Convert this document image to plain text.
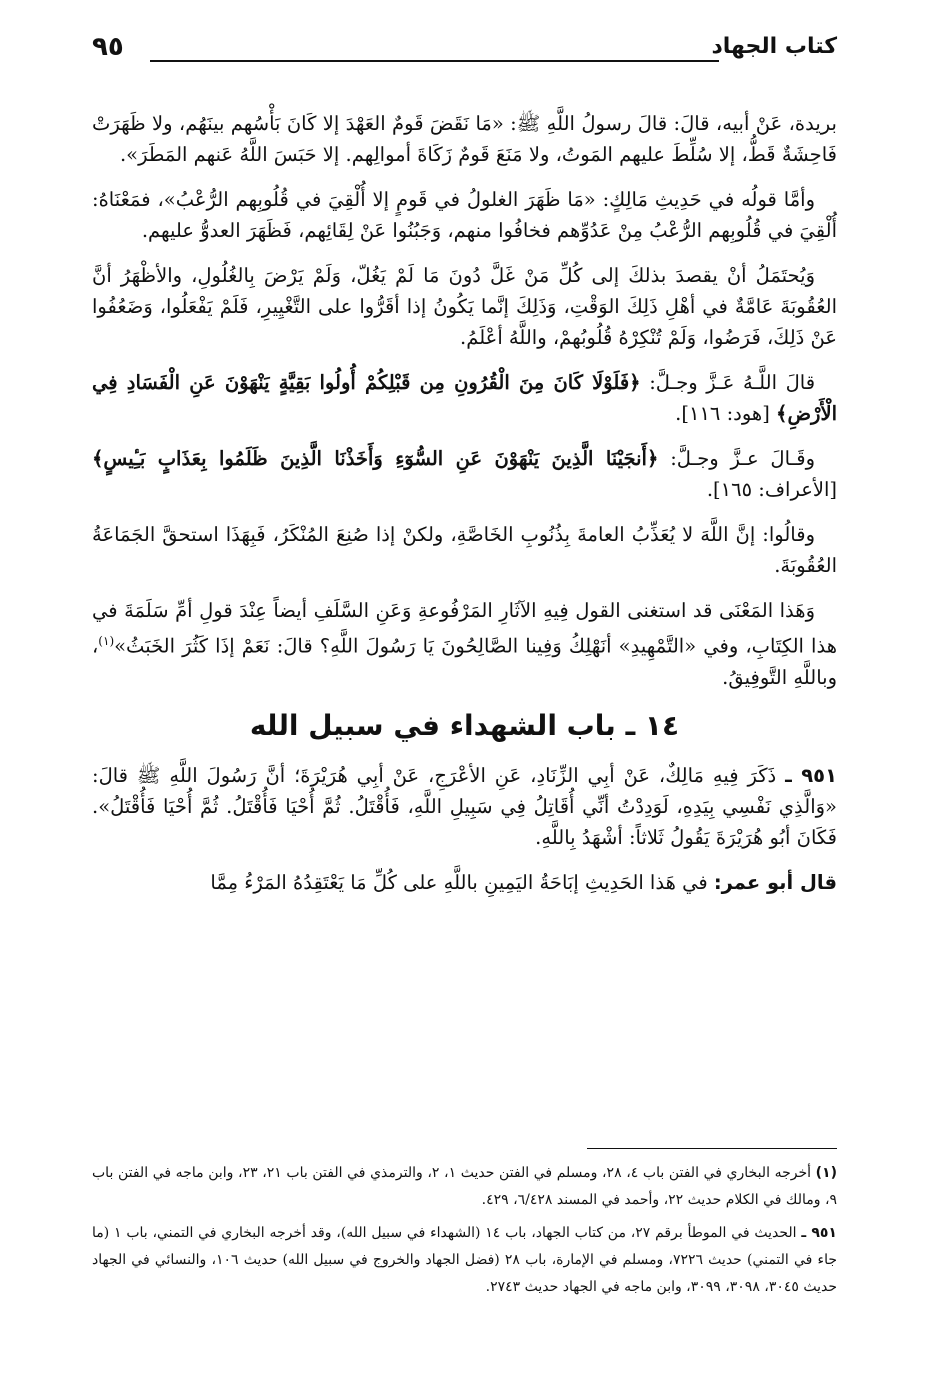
كتاب الجهاد
٩٥

بريدة، عَنْ أبيه، قالَ: قالَ رسولُ اللَّهِ ﷺ: «مَا نَقَضَ قَومٌ العَهْدَ إلا كَانَ بَأْسُهم بينَهُم، ولا ظَهَرَتْ فَاحِشَةٌ قَطُّ، إلا سُلِّطَ عليهم المَوتُ، ولا مَنَعَ قَومٌ زَكَاةَ أموالِهم. إلا حَبَسَ اللَّهُ عَنهم المَطَرَ».

وأمَّا قولُه في حَدِيثِ مَالِكٍ: «مَا ظَهَرَ الغلولُ في قَومٍ إلا أُلْقِيَ في قُلُوبِهم الرُّعْبُ»، فمَعْنَاهُ: أُلْقِيَ في قُلُوبِهم الرُّعْبُ مِنْ عَدُوِّهم فخافُوا منهم، وَجَبُنُوا عَنْ لِقَائِهم، فَظَهَرَ العدوُّ عليهم.

وَيُحتَمَلُ أنْ يقصدَ بذلكَ إلى كُلِّ مَنْ غَلَّ دُونَ مَا لَمْ يَغُلّ، وَلَمْ يَرْضَ بِالغُلُولِ، والأظْهَرُ أنَّ العُقُوبَةَ عَامَّةٌ في أهْلِ ذَلِكَ الوَقْتِ، وَذَلِكَ إنَّما يَكُونُ إذا أقَرُّوا على التَّغْيِيرِ، فَلَمْ يَفْعَلُوا، وَضَعُفُوا عَنْ ذَلِكَ، فَرَضُوا، وَلَمْ تُنْكِرْهُ قُلُوبُهمْ، واللَّهُ أعْلَمُ.

قالَ اللَّـهُ عَـزَّ وجـلَّ: ﴿فَلَوْلَا كَانَ مِنَ الْقُرُونِ مِن قَبْلِكُمْ أُولُوا بَقِيَّةٍ يَنْهَوْنَ عَنِ الْفَسَادِ فِي الْأَرْضِ﴾ [هود: ١١٦].

وقَـالَ عـزَّ وجـلَّ: ﴿أَنجَيْنَا الَّذِينَ يَنْهَوْنَ عَنِ السُّوٓءِ وَأَخَذْنَا الَّذِينَ ظَلَمُوا بِعَذَابٍ بَـِٔيسٍ﴾ [الأعراف: ١٦٥].

وقالُوا: إنَّ اللَّهَ لا يُعَذِّبُ العامةَ بِذُنُوبِ الخَاصَّةِ، ولكنْ إذا صُنِعَ المُنْكَرُ، فَبِهَذَا استحقَّ الجَمَاعَةُ العُقُوبَةَ.

وَهَذا المَعْنَى قد استغنى القول فِيهِ الآثَارِ المَرْفُوعةِ وَعَنِ السَّلَفِ أيضاً عِنْدَ قولِ أمِّ سَلَمَةَ في هذا الكِتَابِ، وفي «التَّمْهِيدِ» أنَهْلِكُ وَفِينا الصَّالِحُونَ يَا رَسُولَ اللَّهِ؟ قالَ: نَعَمْ إذَا كَثُرَ الخَبَثُ»$^{(١)}$، وباللَّهِ التَّوفِيقُ.

١٤ ـ باب الشهداء في سبيل الله

٩٥١ ـ ذَكَرَ فِيهِ مَالِكٌ، عَنْ أبِي الزِّنَادِ، عَنِ الأعْرَجِ، عَنْ أبِي هُرَيْرَةَ؛ أنَّ رَسُولَ اللَّهِ ﷺ قالَ: «وَالَّذِي نَفْسِي بِيَدِهِ، لَوَدِدْتُ أنِّي أُقَاتِلُ فِي سَبِيلِ اللَّهِ، فَأُقْتَلُ. ثُمَّ أُحْيَا فَأُقْتَلُ. ثُمَّ أُحْيَا فَأُقْتَلُ». فَكَانَ أبُو هُرَيْرَةَ يَقُولُ ثَلاثاً: أشْهَدُ بِاللَّهِ.

قال أبو عمر: في هَذا الحَدِيثِ إبَاحَةُ اليَمِينِ باللَّهِ على كُلِّ مَا يَعْتَقِدُهُ المَرْءُ مِمَّا

(١) أخرجه البخاري في الفتن باب ٤، ٢٨، ومسلم في الفتن حديث ١، ٢، والترمذي في الفتن باب ٢١، ٢٣، وابن ماجه في الفتن باب ٩، ومالك في الكلام حديث ٢٢، وأحمد في المسند ٦/٤٢٨، ٤٢٩.

٩٥١ ـ الحديث في الموطأ برقم ٢٧، من كتاب الجهاد، باب ١٤ (الشهداء في سبيل الله)، وقد أخرجه البخاري في التمني، باب ١ (ما جاء في التمني) حديث ٧٢٢٦، ومسلم في الإمارة، باب ٢٨ (فضل الجهاد والخروج في سبيل الله) حديث ١٠٦، والنسائي في الجهاد حديث ٣٠٤٥، ٣٠٩٨، ٣٠٩٩، وابن ماجه في الجهاد حديث ٢٧٤٣.
